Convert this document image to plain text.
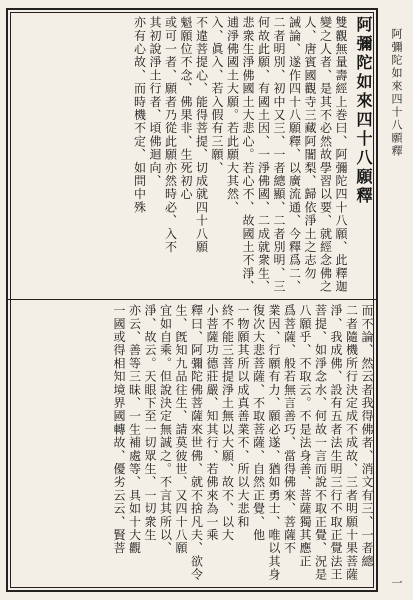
阿彌陀如來四十八願釋
一
阿彌陀如來四十八願釋
雙觀無量壽經上巻曰、阿彌陀四十八願、此釋迦
變之人者、是其不必然故學習以要、就經念佛之
人、唐賓國觀寺三藏阿闍梨、歸依淨土之志勿
誡論、遂作四十八願釋、以廣流通、今釋爲二、
二者明別、初中又三、一者總顯、二者別明、三
何故此願、有國土因、一淨佛國、二成就衆生、
悲衆生淨佛國土大悲心。若心不、故國土不淨、
逋淨佛國土大願。若此願大其然、
入、眞入、若入假有三願、
不違菩提心、能得菩提、切成就四十八願
魁願位不念、佛果非、生死初心
或可一者、願者乃從此願亦然時必、入不
其初說淨土行者、頃佛迴向、
亦有心故、而時機不定、如問中殊
而不論、然云者我得佛者、消文有三、一者總
二者隨機所行決定成不成故、三者明願十果菩薩
淨、我成佛、設有五者法生明三行不取正覺法王
菩提、如淨念水、何故一言而說不取正覺、況是
八願乎、不取云。不是法身善、菩薩獨其應正
爲菩薩、般若無言善巧、當得佛來、菩薩不
業因、行願有力、願必遂、猶如勇士、唯以其身
復次大悲菩薩、不取菩薩、自然正覺、他
一物願其所以成真善業不、所以大悲和
終不能三菩提淨土無以大願、故不、以大
小菩薩功德莊嚴、知其行、若佛來為一乘
釋曰、阿彌陀佛菩薩來世佛、就不捨凡夫、欲令
生、旣知九品往生、請莫彼世、又四十八願
宜如自乘。但說決定無誠之。不言其所以、
淨、故云。天眼下至一切眾生、一切衆生
亦云、善等三昧、一生補處等、具如十大觀
一國或得相知境界國轉故、優劣云云、賢菩
